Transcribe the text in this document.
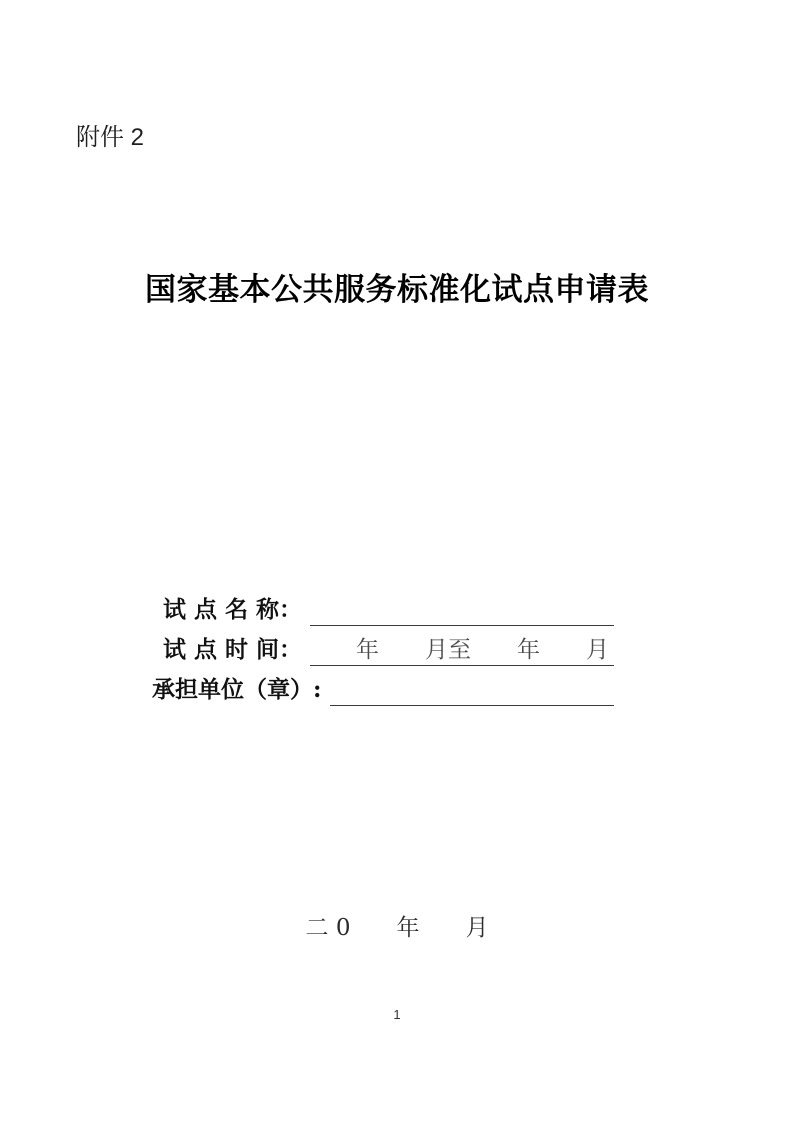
附件 2
国家基本公共服务标准化试点申请表
试 点 名 称：
试 点 时 间： 　　年　　月至　　年　　月
承担单位（章）:
二 0　　年　　月
1
